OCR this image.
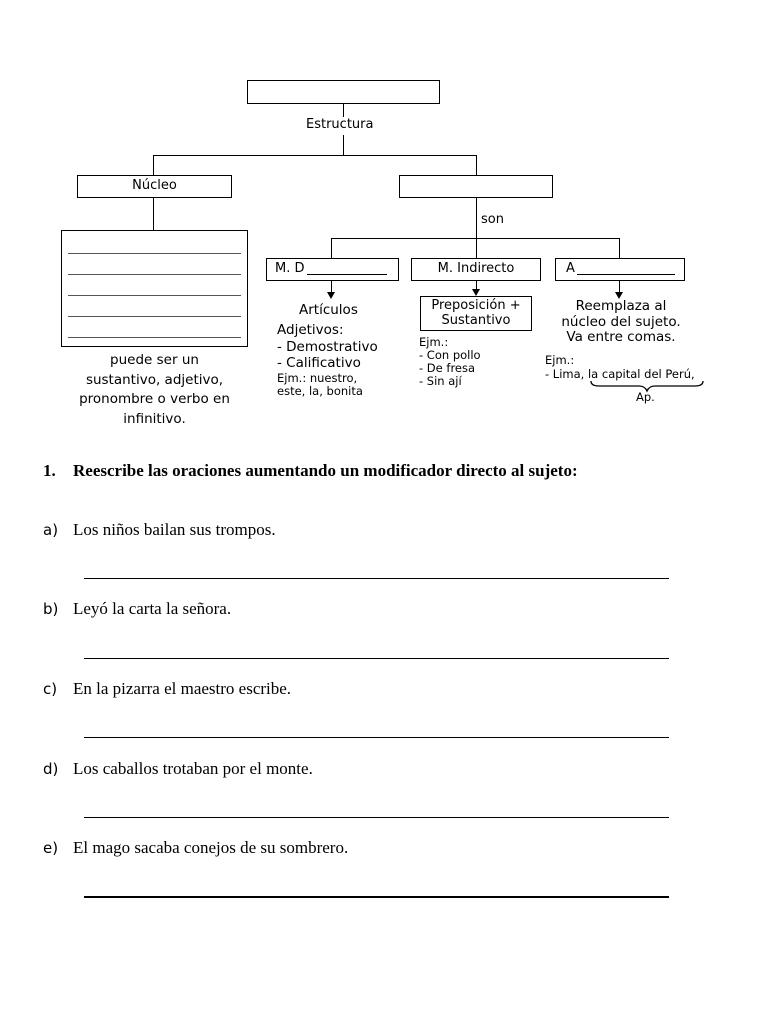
Estructura
Núcleo
son
puede ser un
sustantivo, adjetivo,
pronombre o verbo en
infinitivo.
M. D
Artículos
Adjetivos:
- Demostrativo
- Calificativo
Ejm.: nuestro,
este, la, bonita
M. Indirecto
Preposición +
Sustantivo
Ejm.:
- Con pollo
- De fresa
- Sin ají
A
Reemplaza al
núcleo del sujeto.
Va entre comas.
Ejm.:
- Lima, la capital del Perú,
Ap.
1. Reescribe las oraciones aumentando un modificador directo al sujeto:
a) Los niños bailan sus trompos.
b) Leyó la carta la señora.
c) En la pizarra el maestro escribe.
d) Los caballos trotaban por el monte.
e) El mago sacaba conejos de su sombrero.
